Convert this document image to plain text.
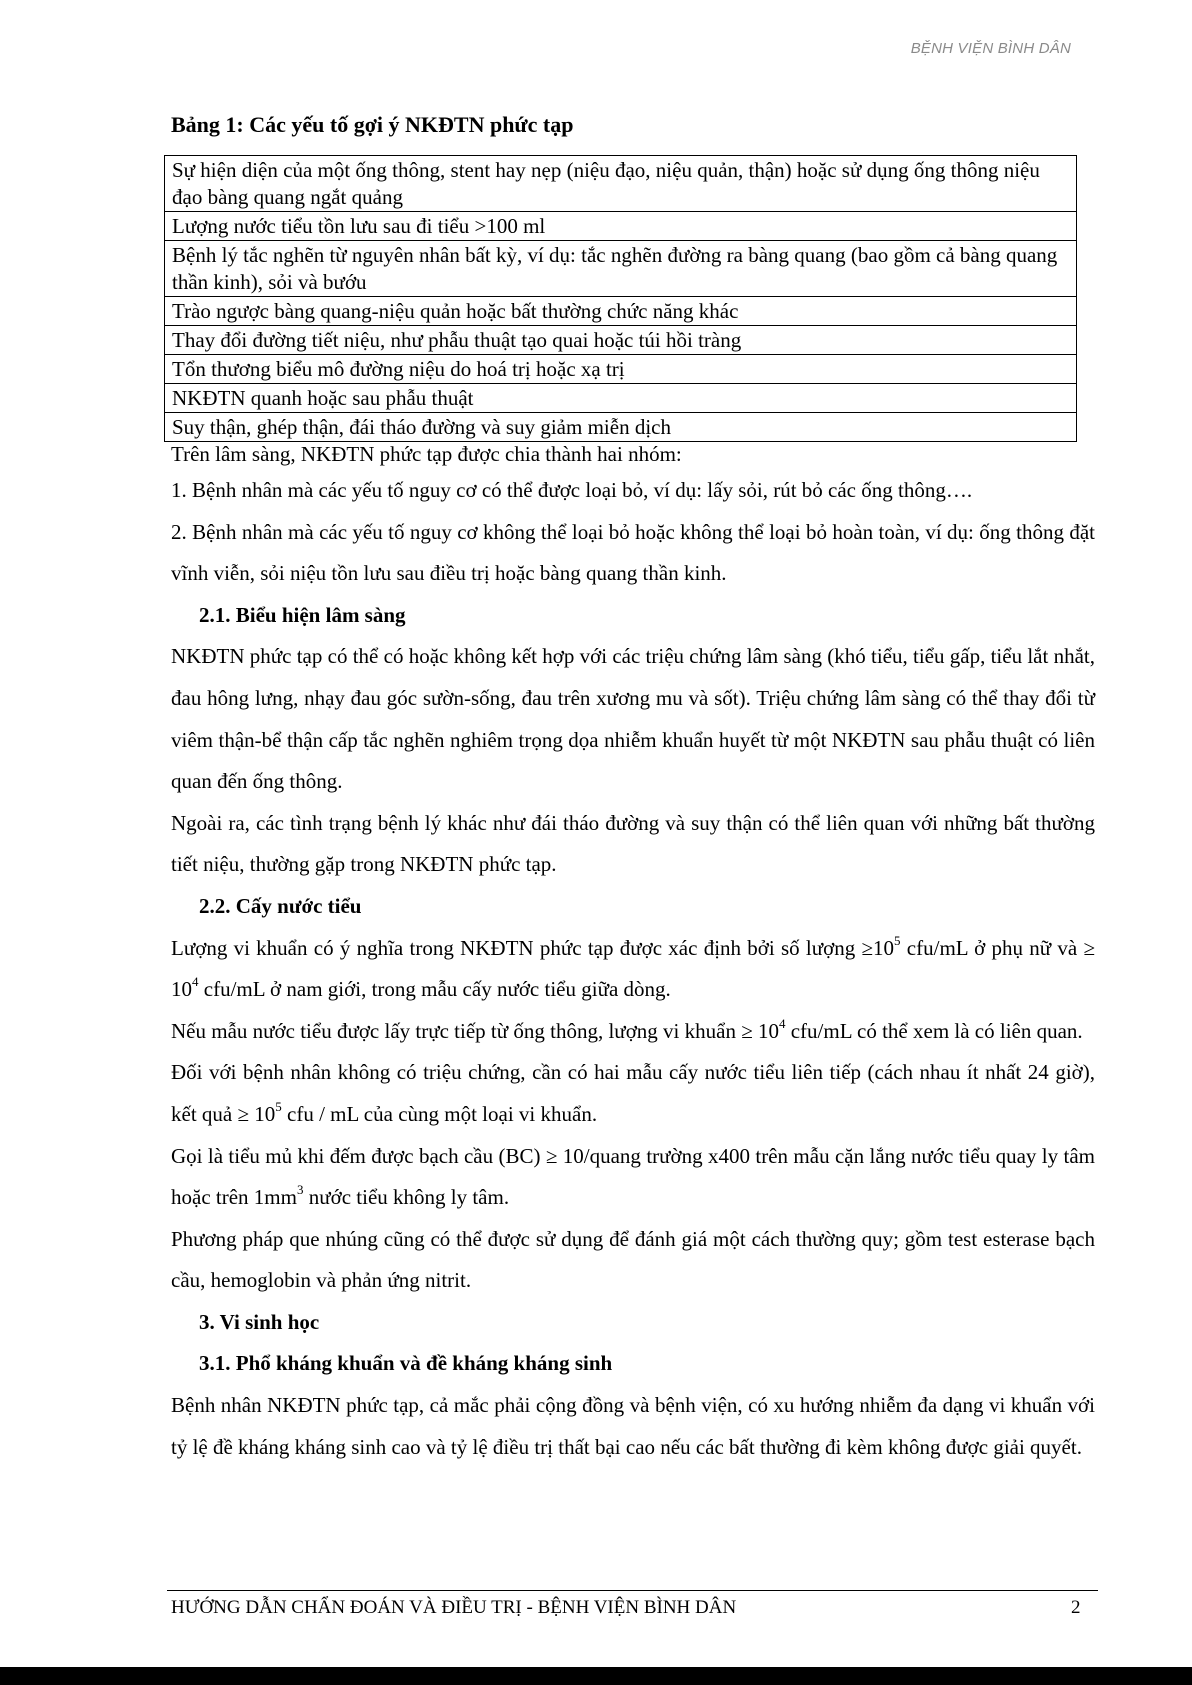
BỆNH VIỆN BÌNH DÂN
Bảng 1: Các yếu tố gợi ý NKĐTN phức tạp
Sự hiện diện của một ống thông, stent hay nẹp (niệu đạo, niệu quản, thận) hoặc sử dụng ống thông niệu đạo bàng quang ngắt quảng
Lượng nước tiểu tồn lưu sau đi tiểu >100 ml
Bệnh lý tắc nghẽn từ nguyên nhân bất kỳ, ví dụ: tắc nghẽn đường ra bàng quang (bao gồm cả bàng quang thần kinh), sỏi và bướu
Trào ngược bàng quang-niệu quản hoặc bất thường chức năng khác
Thay đổi đường tiết niệu, như phẫu thuật tạo quai hoặc túi hồi tràng
Tổn thương biểu mô đường niệu do hoá trị hoặc xạ trị
NKĐTN quanh hoặc sau phẫu thuật
Suy thận, ghép thận, đái tháo đường và suy giảm miễn dịch

Trên lâm sàng, NKĐTN phức tạp được chia thành hai nhóm:

1. Bệnh nhân mà các yếu tố nguy cơ có thể được loại bỏ, ví dụ: lấy sỏi, rút bỏ các ống thông….

2. Bệnh nhân mà các yếu tố nguy cơ không thể loại bỏ hoặc không thể loại bỏ hoàn toàn, ví dụ: ống thông đặt vĩnh viễn, sỏi niệu tồn lưu sau điều trị hoặc bàng quang thần kinh.

2.1. Biểu hiện lâm sàng

NKĐTN phức tạp có thể có hoặc không kết hợp với các triệu chứng lâm sàng (khó tiểu, tiểu gấp, tiểu lắt nhắt, đau hông lưng, nhạy đau góc sườn-sống, đau trên xương mu và sốt). Triệu chứng lâm sàng có thể thay đổi từ viêm thận-bể thận cấp tắc nghẽn nghiêm trọng dọa nhiễm khuẩn huyết từ một NKĐTN sau phẫu thuật có liên quan đến ống thông.

Ngoài ra, các tình trạng bệnh lý khác như đái tháo đường và suy thận có thể liên quan với những bất thường tiết niệu, thường gặp trong NKĐTN phức tạp.

2.2. Cấy nước tiểu

Lượng vi khuẩn có ý nghĩa trong NKĐTN phức tạp được xác định bởi số lượng $\ge 10^5$ cfu/mL ở phụ nữ và ≥ $10^4$ cfu/mL ở nam giới, trong mẫu cấy nước tiểu giữa dòng.

Nếu mẫu nước tiểu được lấy trực tiếp từ ống thông, lượng vi khuẩn ≥ $10^4$ cfu/mL có thể xem là có liên quan.

Đối với bệnh nhân không có triệu chứng, cần có hai mẫu cấy nước tiểu liên tiếp (cách nhau ít nhất 24 giờ), kết quả ≥ $10^5$ cfu / mL của cùng một loại vi khuẩn.

Gọi là tiểu mủ khi đếm được bạch cầu (BC) ≥ 10/quang trường x400 trên mẫu cặn lắng nước tiểu quay ly tâm hoặc trên $1mm^3$ nước tiểu không ly tâm.

Phương pháp que nhúng cũng có thể được sử dụng để đánh giá một cách thường quy; gồm test esterase bạch cầu, hemoglobin và phản ứng nitrit.

3. Vi sinh học
3.1. Phổ kháng khuẩn và đề kháng kháng sinh

Bệnh nhân NKĐTN phức tạp, cả mắc phải cộng đồng và bệnh viện, có xu hướng nhiễm đa dạng vi khuẩn với tỷ lệ đề kháng kháng sinh cao và tỷ lệ điều trị thất bại cao nếu các bất thường đi kèm không được giải quyết.

HƯỚNG DẪN CHẨN ĐOÁN VÀ ĐIỀU TRỊ - BỆNH VIỆN BÌNH DÂN	2
